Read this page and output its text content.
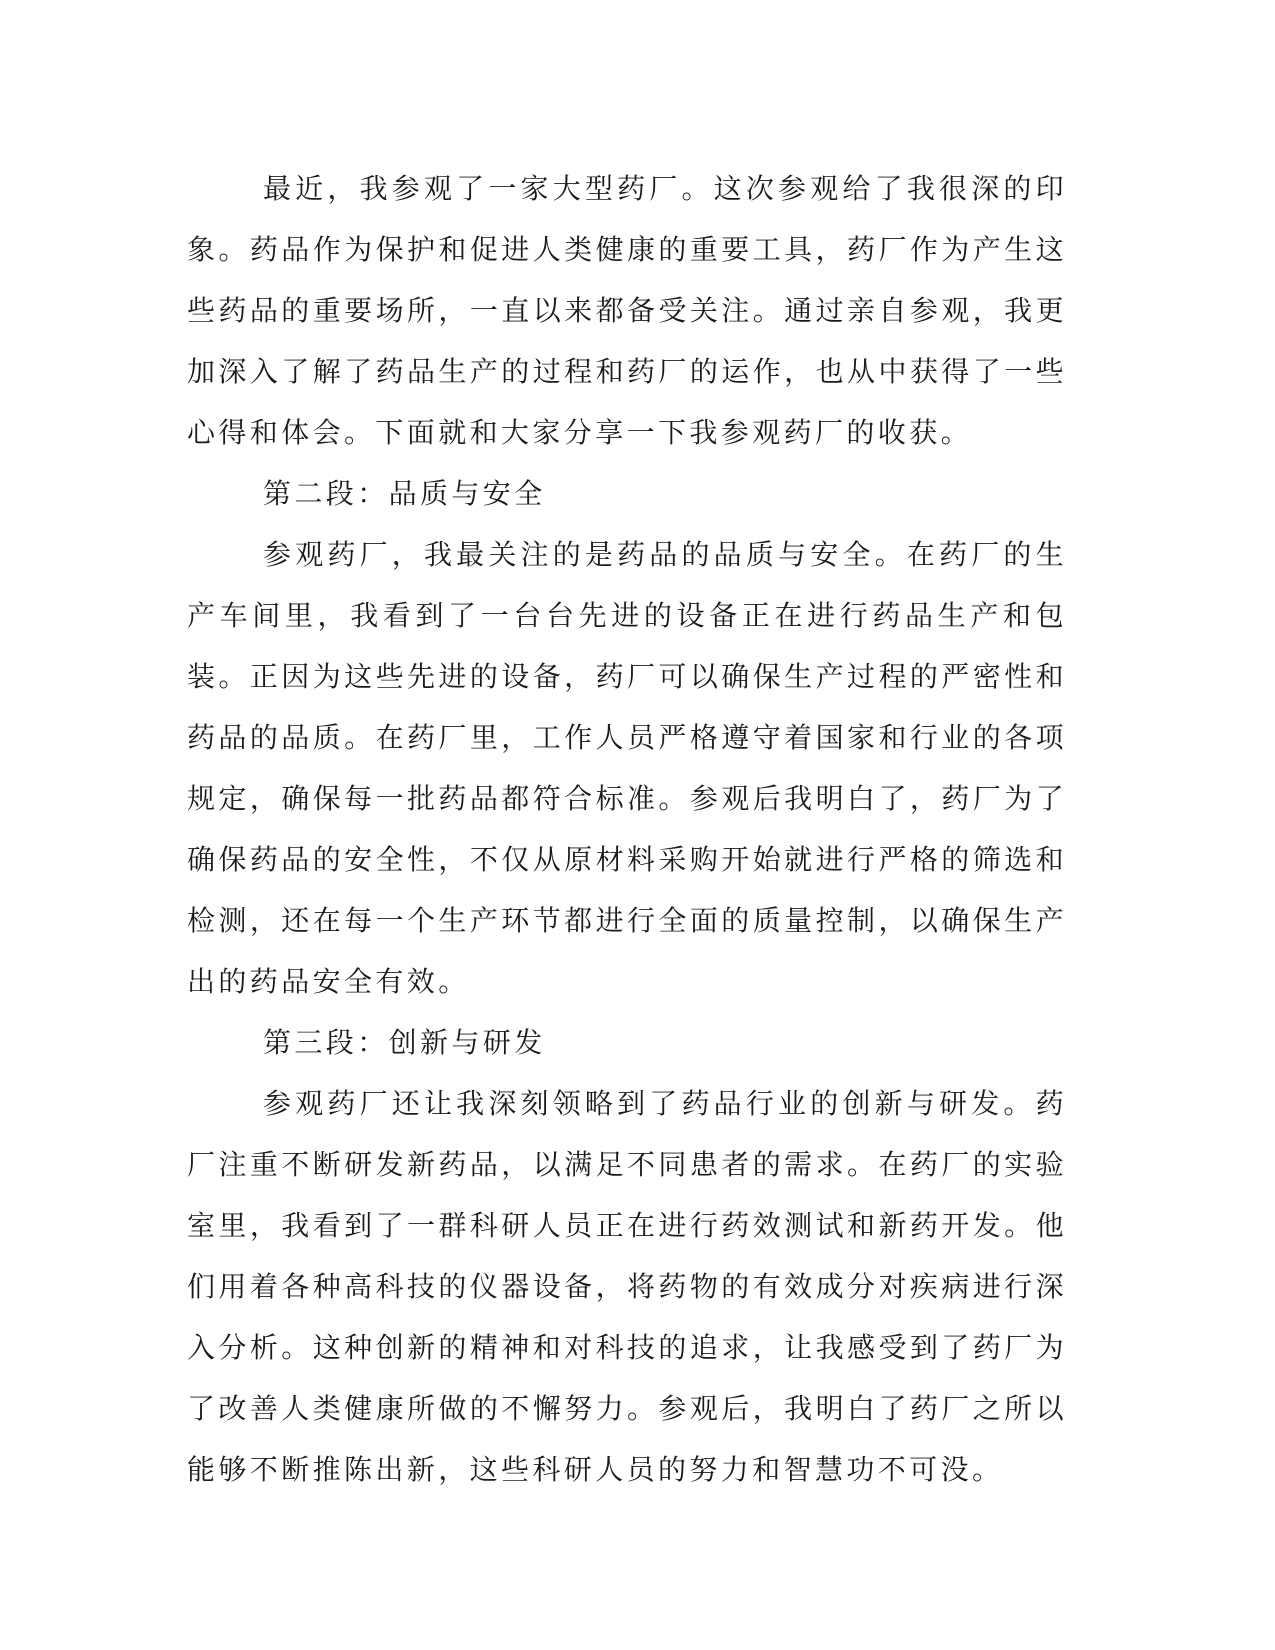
最近，我参观了一家大型药厂。这次参观给了我很深的印象。药品作为保护和促进人类健康的重要工具，药厂作为产生这些药品的重要场所，一直以来都备受关注。通过亲自参观，我更加深入了解了药品生产的过程和药厂的运作，也从中获得了一些心得和体会。下面就和大家分享一下我参观药厂的收获。

第二段：品质与安全

参观药厂，我最关注的是药品的品质与安全。在药厂的生产车间里，我看到了一台台先进的设备正在进行药品生产和包装。正因为这些先进的设备，药厂可以确保生产过程的严密性和药品的品质。在药厂里，工作人员严格遵守着国家和行业的各项规定，确保每一批药品都符合标准。参观后我明白了，药厂为了确保药品的安全性，不仅从原材料采购开始就进行严格的筛选和检测，还在每一个生产环节都进行全面的质量控制，以确保生产出的药品安全有效。

第三段：创新与研发

参观药厂还让我深刻领略到了药品行业的创新与研发。药厂注重不断研发新药品，以满足不同患者的需求。在药厂的实验室里，我看到了一群科研人员正在进行药效测试和新药开发。他们用着各种高科技的仪器设备，将药物的有效成分对疾病进行深入分析。这种创新的精神和对科技的追求，让我感受到了药厂为了改善人类健康所做的不懈努力。参观后，我明白了药厂之所以能够不断推陈出新，这些科研人员的努力和智慧功不可没。
